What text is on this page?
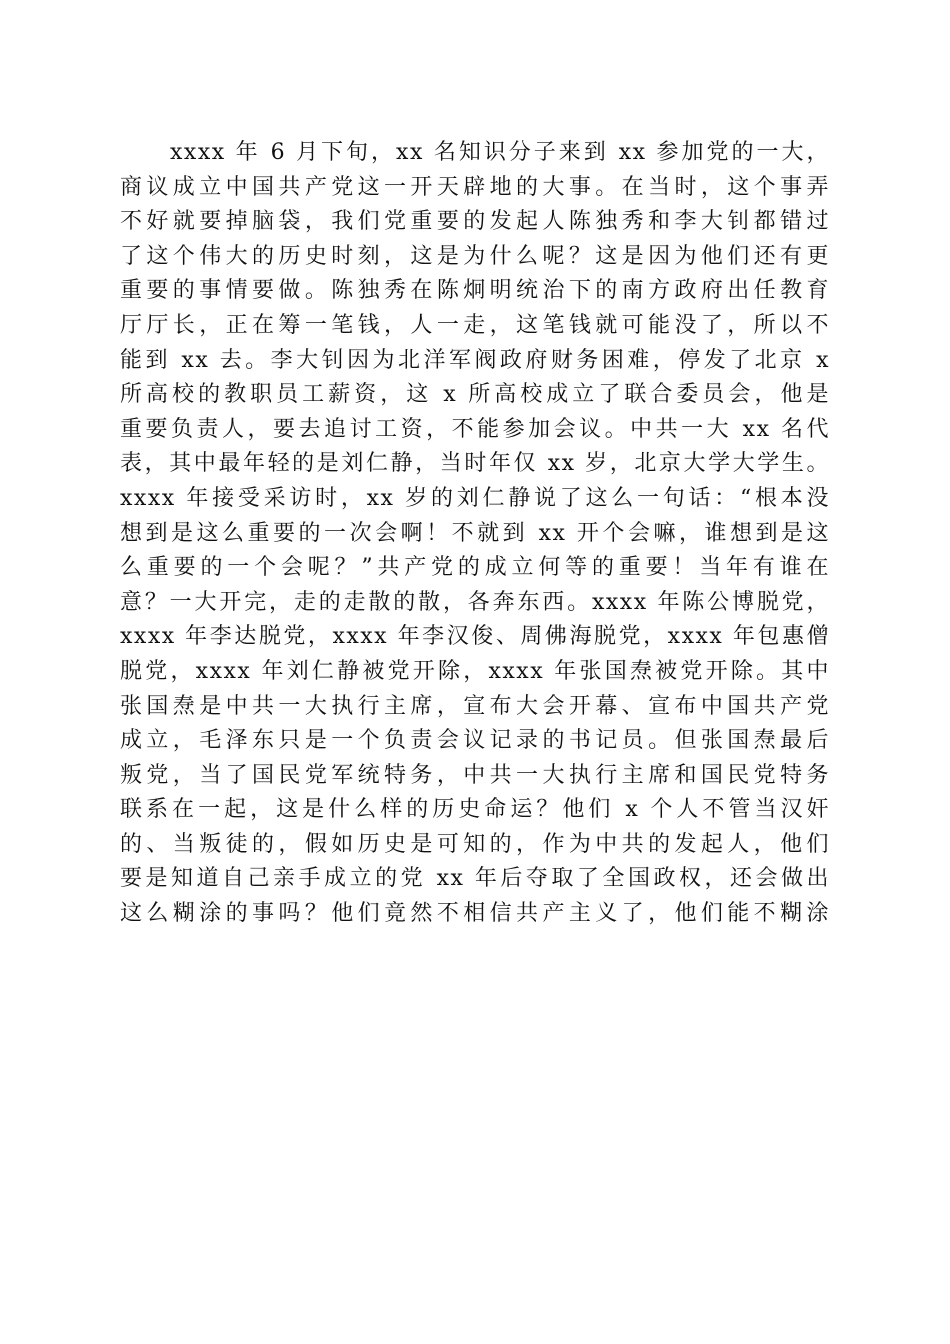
xxxx 年 6 月下旬，xx 名知识分子来到 xx 参加党的一大，
商议成立中国共产党这一开天辟地的大事。在当时，这个事弄
不好就要掉脑袋，我们党重要的发起人陈独秀和李大钊都错过
了这个伟大的历史时刻，这是为什么呢？这是因为他们还有更
重要的事情要做。陈独秀在陈炯明统治下的南方政府出任教育
厅厅长，正在筹一笔钱，人一走，这笔钱就可能没了，所以不
能到 xx 去。李大钊因为北洋军阀政府财务困难，停发了北京 x
所高校的教职员工薪资，这 x 所高校成立了联合委员会，他是
重要负责人，要去追讨工资，不能参加会议。中共一大 xx 名代
表，其中最年轻的是刘仁静，当时年仅 xx 岁，北京大学大学生。
xxxx 年接受采访时，xx 岁的刘仁静说了这么一句话：“根本没
想到是这么重要的一次会啊！不就到 xx 开个会嘛，谁想到是这
么重要的一个会呢？”共产党的成立何等的重要！当年有谁在
意？一大开完，走的走散的散，各奔东西。xxxx 年陈公博脱党，
xxxx 年李达脱党，xxxx 年李汉俊、周佛海脱党，xxxx 年包惠僧
脱党，xxxx 年刘仁静被党开除，xxxx 年张国焘被党开除。其中
张国焘是中共一大执行主席，宣布大会开幕、宣布中国共产党
成立，毛泽东只是一个负责会议记录的书记员。但张国焘最后
叛党，当了国民党军统特务，中共一大执行主席和国民党特务
联系在一起，这是什么样的历史命运？他们 x 个人不管当汉奸
的、当叛徒的，假如历史是可知的，作为中共的发起人，他们
要是知道自己亲手成立的党 xx 年后夺取了全国政权，还会做出
这么糊涂的事吗？他们竟然不相信共产主义了，他们能不糊涂
